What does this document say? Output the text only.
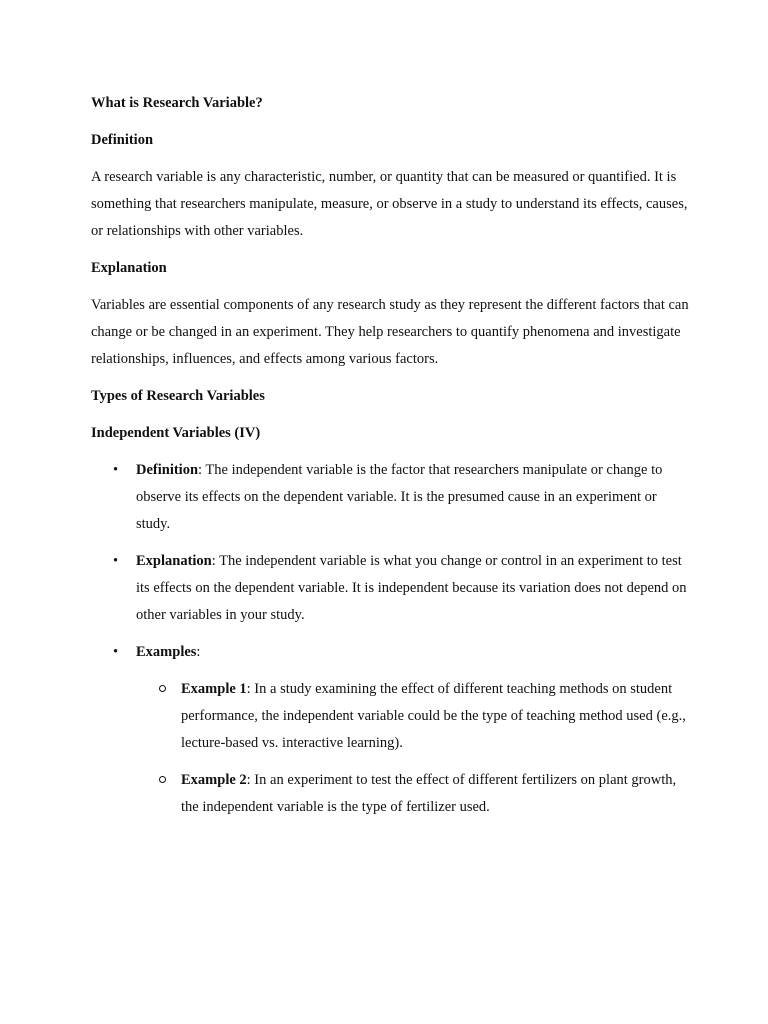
What is Research Variable?
Definition

A research variable is any characteristic, number, or quantity that can be measured or quantified. It is something that researchers manipulate, measure, or observe in a study to understand its effects, causes, or relationships with other variables.

Explanation

Variables are essential components of any research study as they represent the different factors that can change or be changed in an experiment. They help researchers to quantify phenomena and investigate relationships, influences, and effects among various factors.

Types of Research Variables
Independent Variables (IV)
• Definition: The independent variable is the factor that researchers manipulate or change to observe its effects on the dependent variable. It is the presumed cause in an experiment or study.
• Explanation: The independent variable is what you change or control in an experiment to test its effects on the dependent variable. It is independent because its variation does not depend on other variables in your study.
• Examples:
Example 1: In a study examining the effect of different teaching methods on student performance, the independent variable could be the type of teaching method used (e.g., lecture-based vs. interactive learning).
Example 2: In an experiment to test the effect of different fertilizers on plant growth, the independent variable is the type of fertilizer used.
